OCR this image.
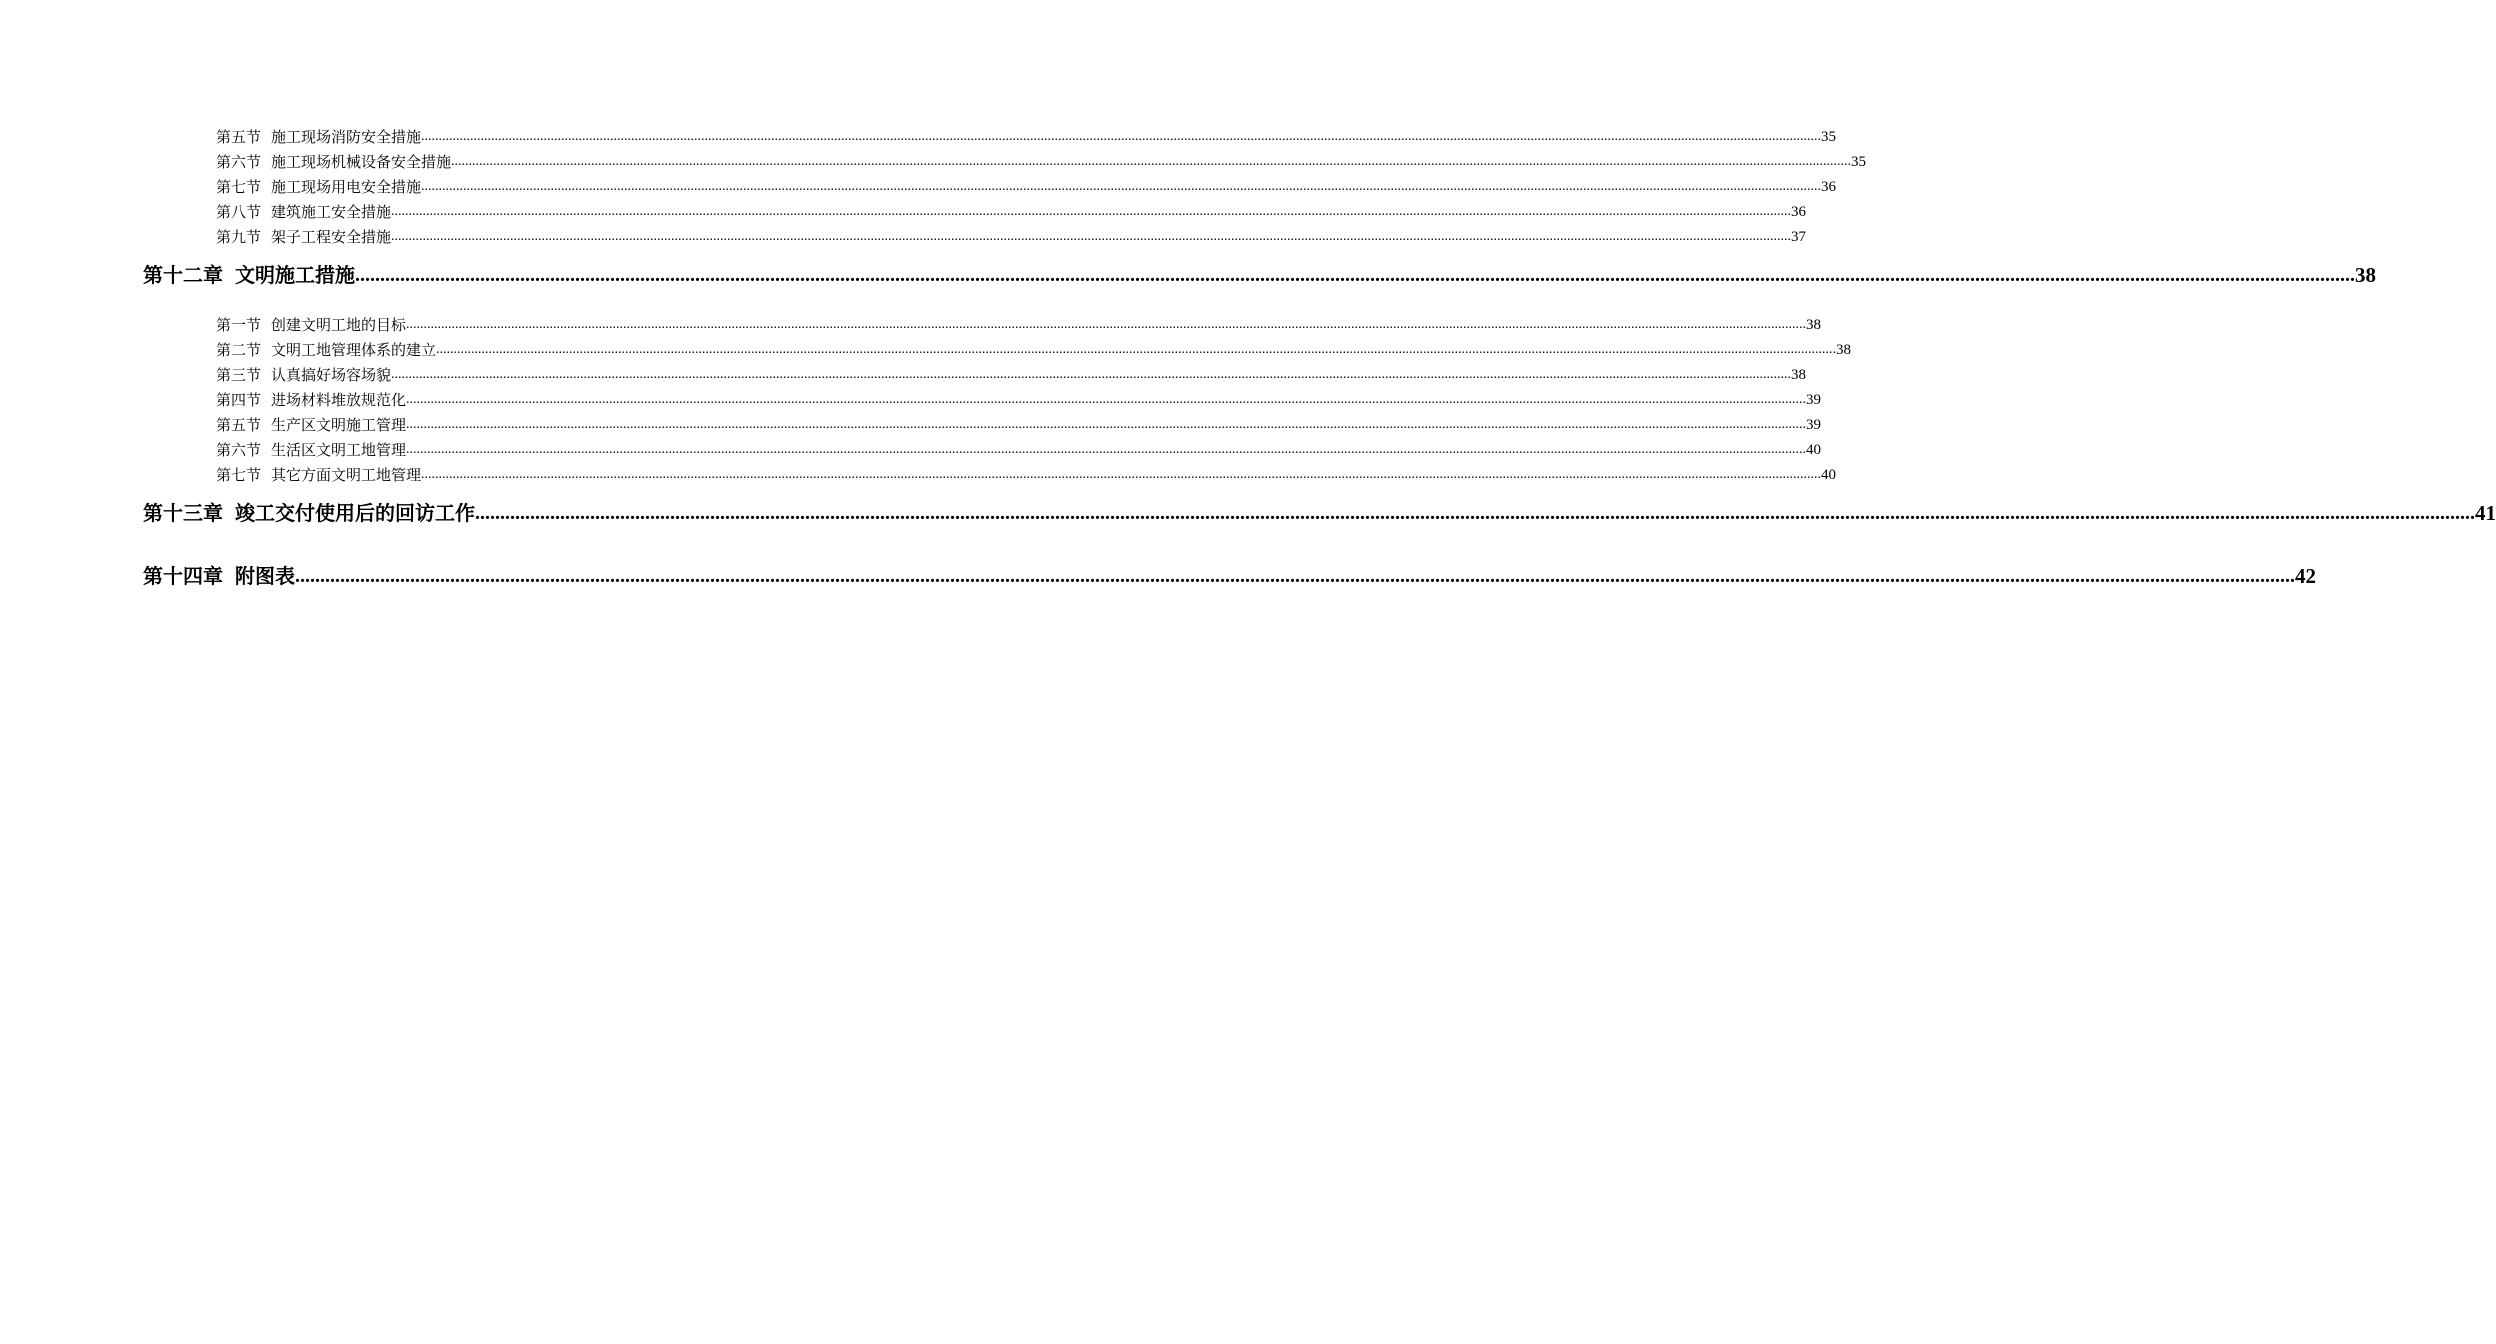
第五节 施工现场消防安全措施 ................................................................................................................................................................................................................................................................................................................................................................................................................ 35
第六节 施工现场机械设备安全措施 ................................................................................................................................................................................................................................................................................................................................................................................................................ 35
第七节 施工现场用电安全措施 ................................................................................................................................................................................................................................................................................................................................................................................................................ 36
第八节 建筑施工安全措施 ................................................................................................................................................................................................................................................................................................................................................................................................................ 36
第九节 架子工程安全措施 ................................................................................................................................................................................................................................................................................................................................................................................................................ 37
第十二章 文明施工措施 ................................................................................................................................................................................................................................................................................................................................................................................................................ 38
第一节 创建文明工地的目标 ................................................................................................................................................................................................................................................................................................................................................................................................................ 38
第二节 文明工地管理体系的建立 ................................................................................................................................................................................................................................................................................................................................................................................................................ 38
第三节 认真搞好场容场貌 ................................................................................................................................................................................................................................................................................................................................................................................................................ 38
第四节 进场材料堆放规范化 ................................................................................................................................................................................................................................................................................................................................................................................................................ 39
第五节 生产区文明施工管理 ................................................................................................................................................................................................................................................................................................................................................................................................................ 39
第六节 生活区文明工地管理 ................................................................................................................................................................................................................................................................................................................................................................................................................ 40
第七节 其它方面文明工地管理 ................................................................................................................................................................................................................................................................................................................................................................................................................ 40
第十三章 竣工交付使用后的回访工作 ................................................................................................................................................................................................................................................................................................................................................................................................................ 41
第十四章 附图表 ................................................................................................................................................................................................................................................................................................................................................................................................................ 42
